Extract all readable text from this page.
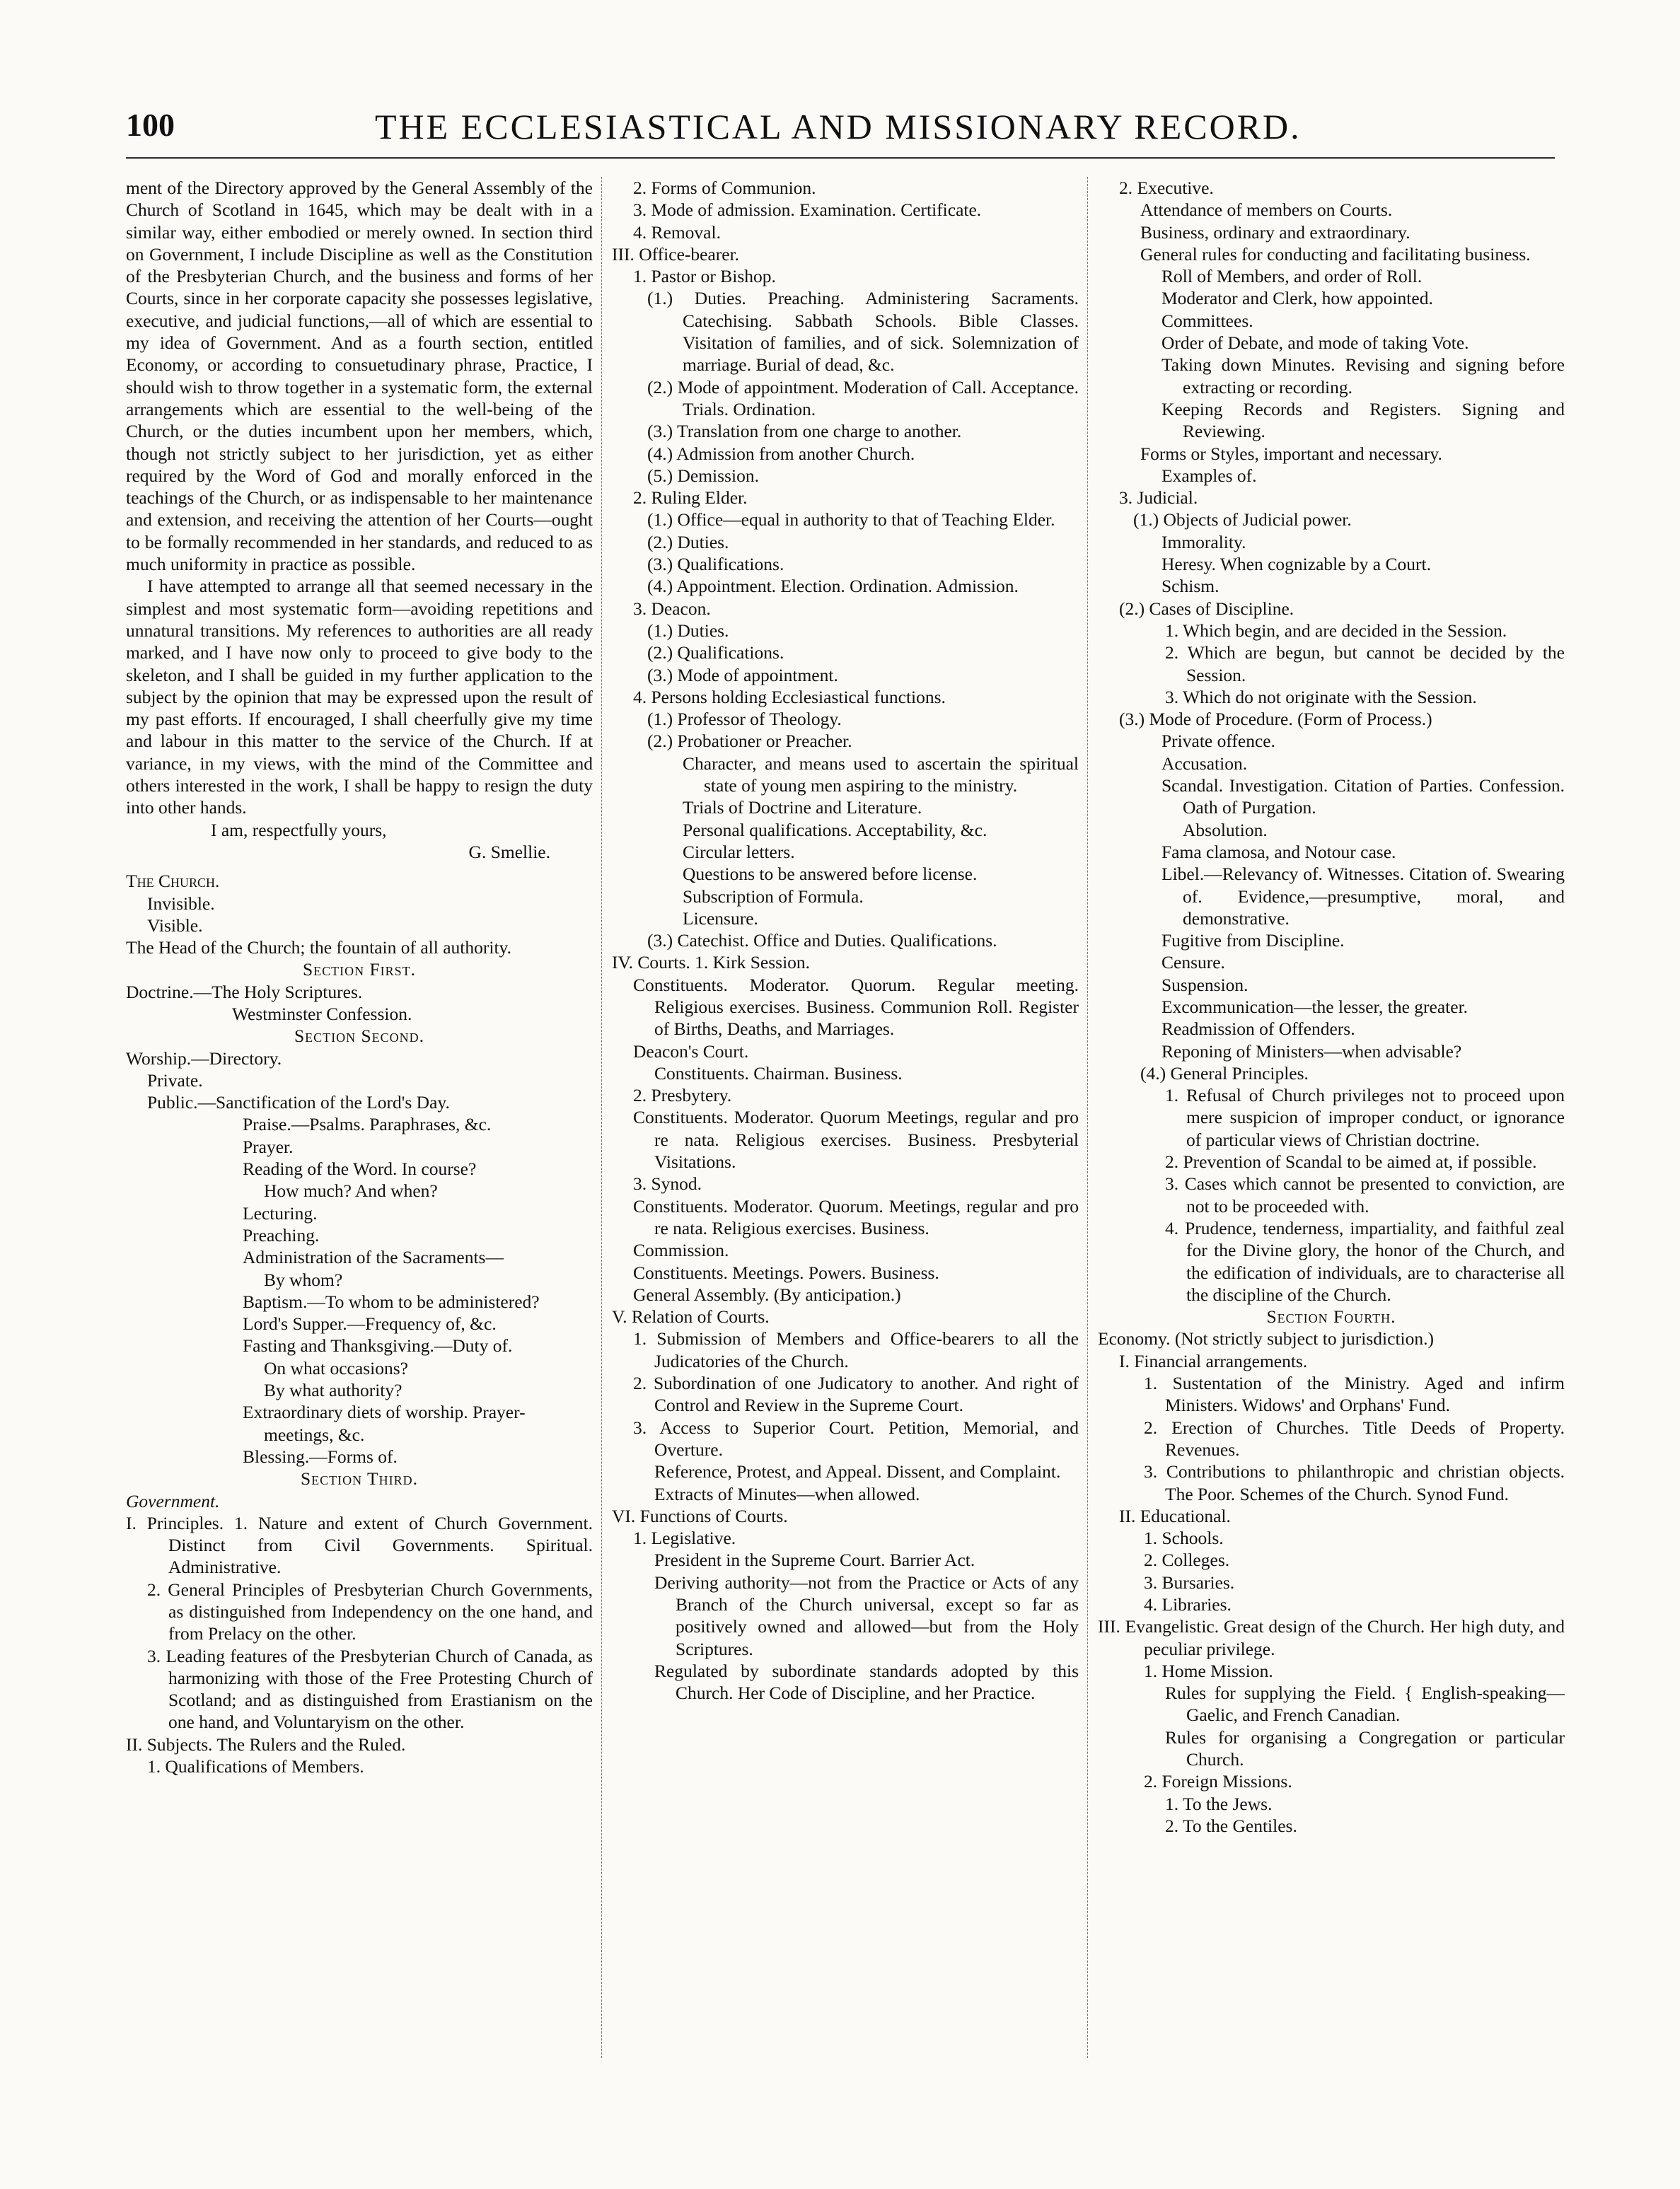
100	THE ECCLESIASTICAL AND MISSIONARY RECORD.

ment of the Directory approved by the General Assembly of the Church of Scotland in 1645, which may be dealt with in a similar way, either embodied or merely owned. In section third on Government, I include Discipline as well as the Constitution of the Presbyterian Church, and the business and forms of her Courts, since in her corporate capacity she possesses legislative, executive, and judicial functions,—all of which are essential to my idea of Government. And as a fourth section, entitled Economy, or according to consuetudinary phrase, Practice, I should wish to throw together in a systematic form, the external arrangements which are essential to the well-being of the Church, or the duties incumbent upon her members, which, though not strictly subject to her jurisdiction, yet as either required by the Word of God and morally enforced in the teachings of the Church, or as indispensable to her maintenance and extension, and receiving the attention of her Courts—ought to be formally recommended in her standards, and reduced to as much uniformity in practice as possible.

I have attempted to arrange all that seemed necessary in the simplest and most systematic form—avoiding repetitions and unnatural transitions. My references to authorities are all ready marked, and I have now only to proceed to give body to the skeleton, and I shall be guided in my further application to the subject by the opinion that may be expressed upon the result of my past efforts. If encouraged, I shall cheerfully give my time and labour in this matter to the service of the Church. If at variance, in my views, with the mind of the Committee and others interested in the work, I shall be happy to resign the duty into other hands.

I am, respectfully yours,
G. Smellie.
The Church.
Invisible.
Visible.
The Head of the Church; the fountain of all authority.
Section First.
Doctrine.—The Holy Scriptures.
Westminster Confession.
Section Second.
Worship.—Directory.
Private.
Public.—Sanctification of the Lord's Day.
Praise.—Psalms. Paraphrases, &c.
Prayer.
Reading of the Word. In course?
How much? And when?
Lecturing.
Preaching.
Administration of the Sacraments—
By whom?
Baptism.—To whom to be administered?
Lord's Supper.—Frequency of, &c.
Fasting and Thanksgiving.—Duty of.
On what occasions?
By what authority?
Extraordinary diets of worship. Prayer-meetings, &c.
Blessing.—Forms of.
Section Third.
Government.
I. Principles. 1. Nature and extent of Church Government. Distinct from Civil Governments. Spiritual. Administrative.
2. General Principles of Presbyterian Church Governments, as distinguished from Independency on the one hand, and from Prelacy on the other.
3. Leading features of the Presbyterian Church of Canada, as harmonizing with those of the Free Protesting Church of Scotland; and as distinguished from Erastianism on the one hand, and Voluntaryism on the other.
II. Subjects. The Rulers and the Ruled.
1. Qualifications of Members.
2. Forms of Communion.
3. Mode of admission. Examination. Certificate.
4. Removal.
III. Office-bearer.
1. Pastor or Bishop.
(1.) Duties. Preaching. Administering Sacraments. Catechising. Sabbath Schools. Bible Classes. Visitation of families, and of sick. Solemnization of marriage. Burial of dead, &c.
(2.) Mode of appointment. Moderation of Call. Acceptance. Trials. Ordination.
(3.) Translation from one charge to another.
(4.) Admission from another Church.
(5.) Demission.
2. Ruling Elder.
(1.) Office—equal in authority to that of Teaching Elder.
(2.) Duties.
(3.) Qualifications.
(4.) Appointment. Election. Ordination. Admission.
3. Deacon.
(1.) Duties.
(2.) Qualifications.
(3.) Mode of appointment.
4. Persons holding Ecclesiastical functions.
(1.) Professor of Theology.
(2.) Probationer or Preacher.
Character, and means used to ascertain the spiritual state of young men aspiring to the ministry.
Trials of Doctrine and Literature.
Personal qualifications. Acceptability, &c.
Circular letters.
Questions to be answered before license.
Subscription of Formula.
Licensure.
(3.) Catechist. Office and Duties. Qualifications.
IV. Courts. 1. Kirk Session.
Constituents. Moderator. Quorum. Regular meeting. Religious exercises. Business. Communion Roll. Register of Births, Deaths, and Marriages.
Deacon's Court.
Constituents. Chairman. Business.
2. Presbytery.
Constituents. Moderator. Quorum Meetings, regular and pro re nata. Religious exercises. Business. Presbyterial Visitations.
3. Synod.
Constituents. Moderator. Quorum. Meetings, regular and pro re nata. Religious exercises. Business.
Commission.
Constituents. Meetings. Powers. Business.
General Assembly. (By anticipation.)
V. Relation of Courts.
1. Submission of Members and Office-bearers to all the Judicatories of the Church.
2. Subordination of one Judicatory to another. And right of Control and Review in the Supreme Court.
3. Access to Superior Court. Petition, Memorial, and Overture.
Reference, Protest, and Appeal. Dissent, and Complaint.
Extracts of Minutes—when allowed.
VI. Functions of Courts.
1. Legislative.
President in the Supreme Court. Barrier Act.
Deriving authority—not from the Practice or Acts of any Branch of the Church universal, except so far as positively owned and allowed—but from the Holy Scriptures.
Regulated by subordinate standards adopted by this Church. Her Code of Discipline, and her Practice.
2. Executive.
Attendance of members on Courts.
Business, ordinary and extraordinary.
General rules for conducting and facilitating business.
Roll of Members, and order of Roll.
Moderator and Clerk, how appointed.
Committees.
Order of Debate, and mode of taking Vote.
Taking down Minutes. Revising and signing before extracting or recording.
Keeping Records and Registers. Signing and Reviewing.
Forms or Styles, important and necessary.
Examples of.
3. Judicial.
(1.) Objects of Judicial power.
Immorality.
Heresy. When cognizable by a Court.
Schism.
(2.) Cases of Discipline.
1. Which begin, and are decided in the Session.
2. Which are begun, but cannot be decided by the Session.
3. Which do not originate with the Session.
(3.) Mode of Procedure. (Form of Process.)
Private offence.
Accusation.
Scandal. Investigation. Citation of Parties. Confession. Oath of Purgation.
Absolution.
Fama clamosa, and Notour case.
Libel.—Relevancy of. Witnesses. Citation of. Swearing of. Evidence,—presumptive, moral, and demonstrative.
Fugitive from Discipline.
Censure.
Suspension.
Excommunication—the lesser, the greater.
Readmission of Offenders.
Reponing of Ministers—when advisable?
(4.) General Principles.
1. Refusal of Church privileges not to proceed upon mere suspicion of improper conduct, or ignorance of particular views of Christian doctrine.
2. Prevention of Scandal to be aimed at, if possible.
3. Cases which cannot be presented to conviction, are not to be proceeded with.
4. Prudence, tenderness, impartiality, and faithful zeal for the Divine glory, the honor of the Church, and the edification of individuals, are to characterise all the discipline of the Church.
Section Fourth.
Economy. (Not strictly subject to jurisdiction.)
I. Financial arrangements.
1. Sustentation of the Ministry. Aged and infirm Ministers. Widows' and Orphans' Fund.
2. Erection of Churches. Title Deeds of Property. Revenues.
3. Contributions to philanthropic and christian objects. The Poor. Schemes of the Church. Synod Fund.
II. Educational.
1. Schools.
2. Colleges.
3. Bursaries.
4. Libraries.
III. Evangelistic. Great design of the Church. Her high duty, and peculiar privilege.
1. Home Mission.
Rules for supplying the Field. { English-speaking—Gaelic, and French Canadian.
Rules for organising a Congregation or particular Church.
2. Foreign Missions.
1. To the Jews.
2. To the Gentiles.
